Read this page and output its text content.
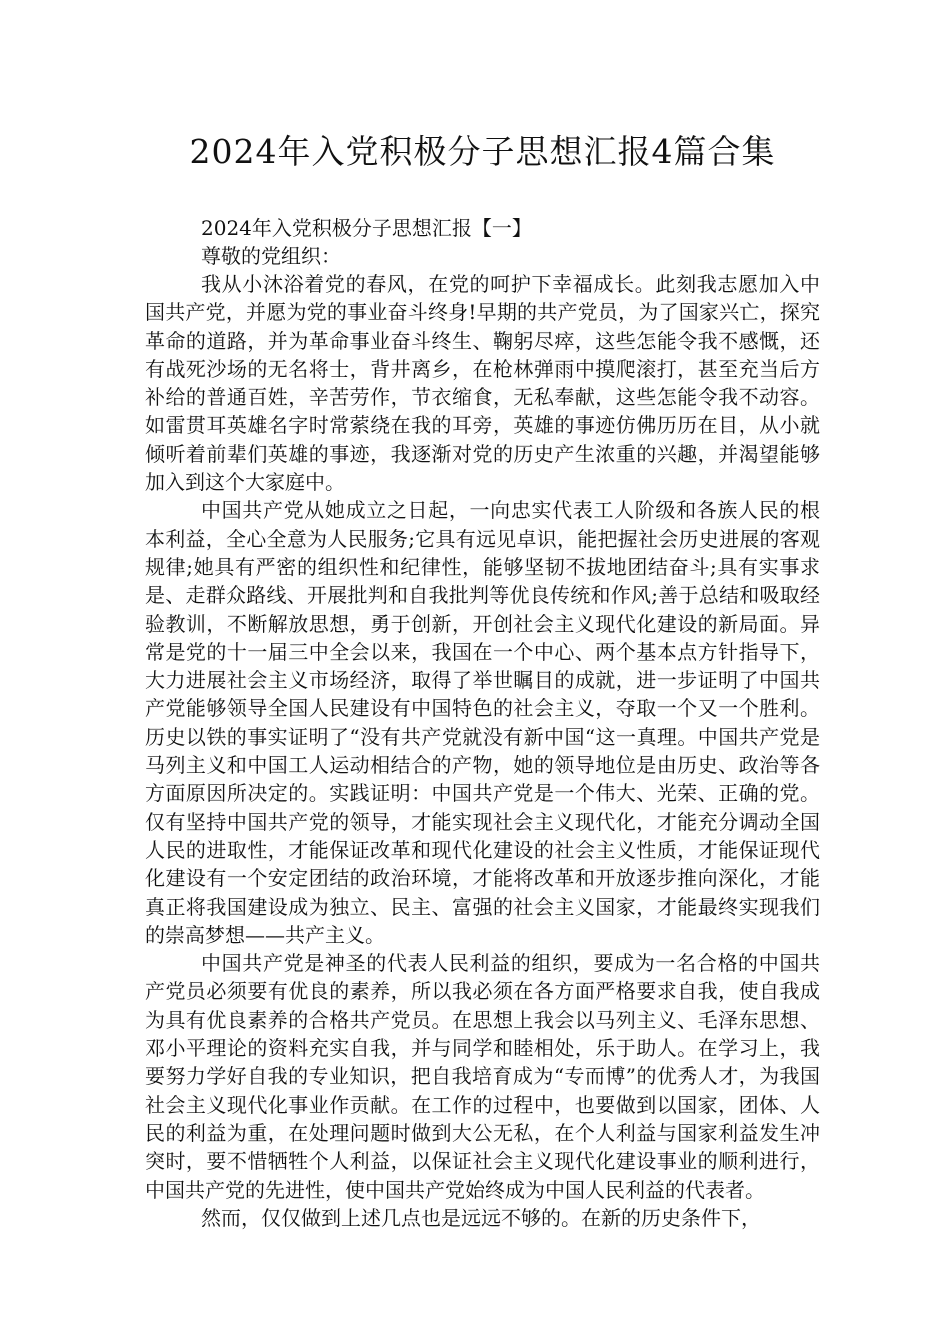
2024年入党积极分子思想汇报4篇合集

2024年入党积极分子思想汇报【一】

尊敬的党组织：

我从小沐浴着党的春风，在党的呵护下幸福成长。此刻我志愿加入中国共产党，并愿为党的事业奋斗终身!早期的共产党员，为了国家兴亡，探究革命的道路，并为革命事业奋斗终生、鞠躬尽瘁，这些怎能令我不感慨，还有战死沙场的无名将士，背井离乡，在枪林弹雨中摸爬滚打，甚至充当后方补给的普通百姓，辛苦劳作，节衣缩食，无私奉献，这些怎能令我不动容。如雷贯耳英雄名字时常萦绕在我的耳旁，英雄的事迹仿佛历历在目，从小就倾听着前辈们英雄的事迹，我逐渐对党的历史产生浓重的兴趣，并渴望能够加入到这个大家庭中。

中国共产党从她成立之日起，一向忠实代表工人阶级和各族人民的根本利益，全心全意为人民服务;它具有远见卓识，能把握社会历史进展的客观规律;她具有严密的组织性和纪律性，能够坚韧不拔地团结奋斗;具有实事求是、走群众路线、开展批判和自我批判等优良传统和作风;善于总结和吸取经验教训，不断解放思想，勇于创新，开创社会主义现代化建设的新局面。异常是党的十一届三中全会以来，我国在一个中心、两个基本点方针指导下，大力进展社会主义市场经济，取得了举世瞩目的成就，进一步证明了中国共产党能够领导全国人民建设有中国特色的社会主义，夺取一个又一个胜利。历史以铁的事实证明了“没有共产党就没有新中国“这一真理。中国共产党是马列主义和中国工人运动相结合的产物，她的领导地位是由历史、政治等各方面原因所决定的。实践证明：中国共产党是一个伟大、光荣、正确的党。仅有坚持中国共产党的领导，才能实现社会主义现代化，才能充分调动全国人民的进取性，才能保证改革和现代化建设的社会主义性质，才能保证现代化建设有一个安定团结的政治环境，才能将改革和开放逐步推向深化，才能真正将我国建设成为独立、民主、富强的社会主义国家，才能最终实现我们的崇高梦想——共产主义。

中国共产党是神圣的代表人民利益的组织，要成为一名合格的中国共产党员必须要有优良的素养，所以我必须在各方面严格要求自我，使自我成为具有优良素养的合格共产党员。在思想上我会以马列主义、毛泽东思想、邓小平理论的资料充实自我，并与同学和睦相处，乐于助人。在学习上，我要努力学好自我的专业知识，把自我培育成为“专而博”的优秀人才，为我国社会主义现代化事业作贡献。在工作的过程中，也要做到以国家，团体、人民的利益为重，在处理问题时做到大公无私，在个人利益与国家利益发生冲突时，要不惜牺牲个人利益，以保证社会主义现代化建设事业的顺利进行，中国共产党的先进性，使中国共产党始终成为中国人民利益的代表者。

然而，仅仅做到上述几点也是远远不够的。在新的历史条件下，
